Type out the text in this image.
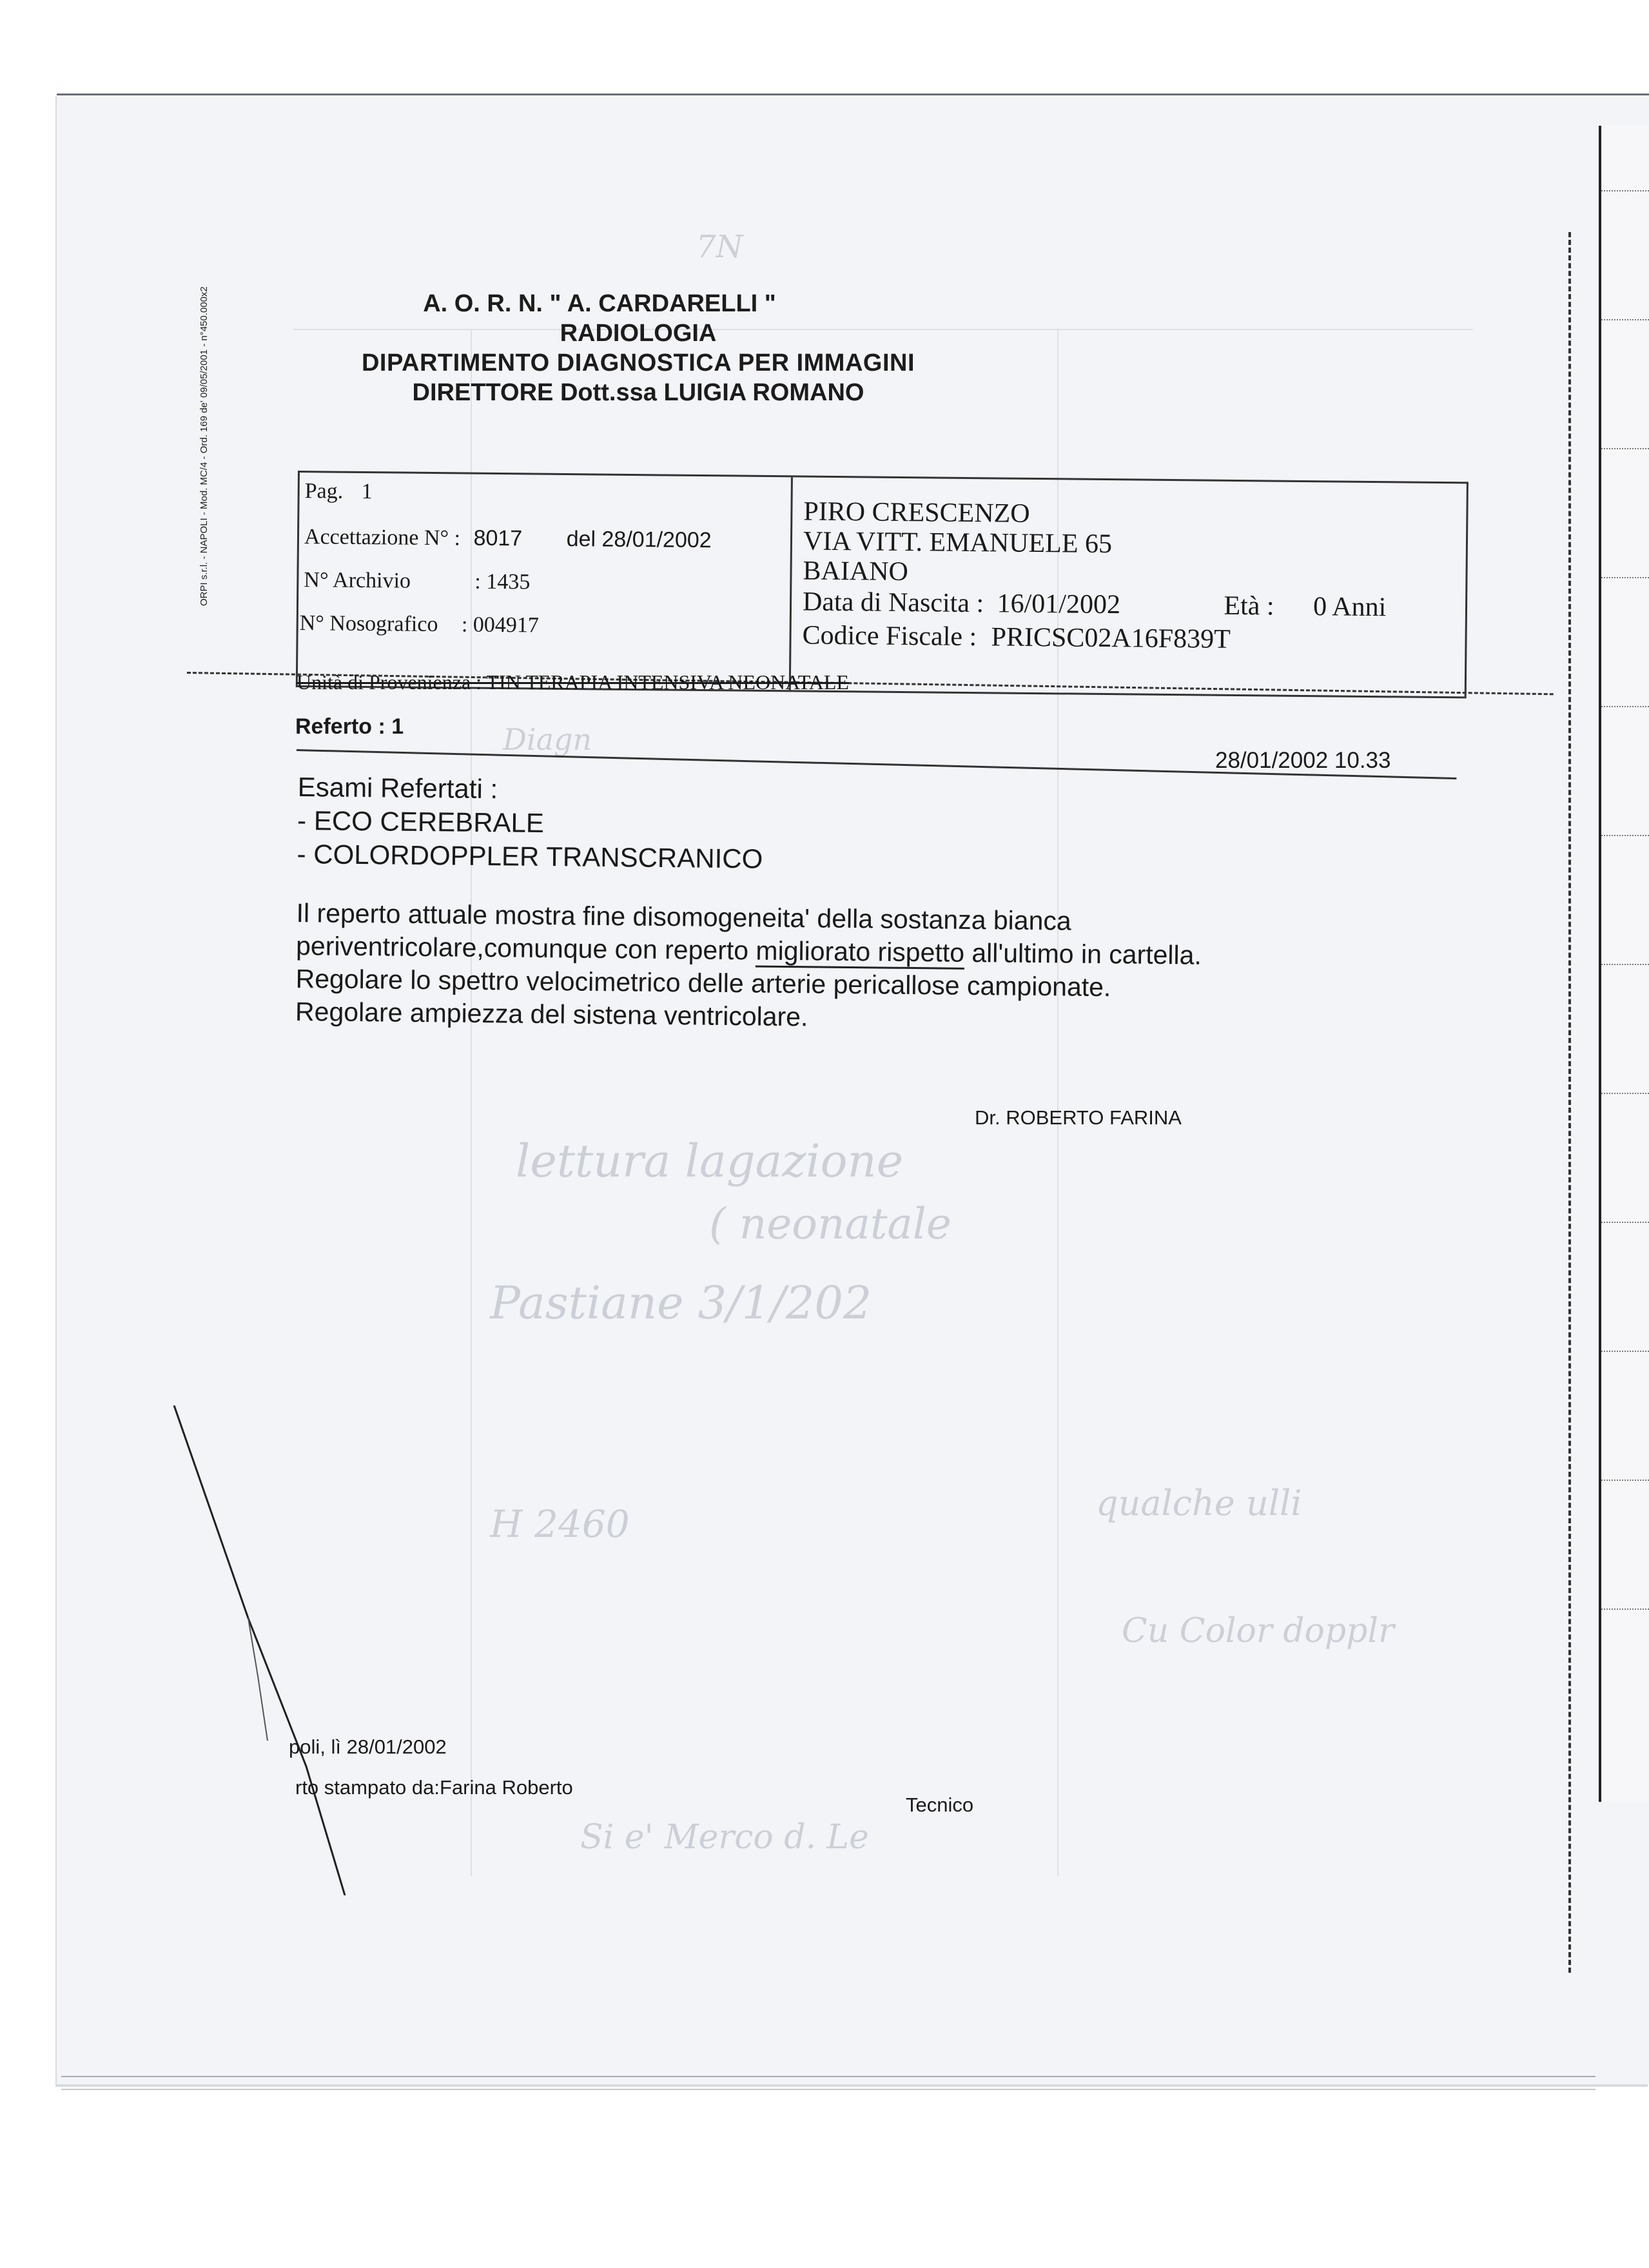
7N
Diagn
lettura lagazione
( neonatale
Pastiane 3/1/202
qualche ulli
H 2460
Cu Color dopplr
Si e' Merco d. Le
ORPI s.r.l. - NAPOLI - Mod. MC/4 - Ord. 169 de' 09/05/2001 - n°450.000x2	A. O. R. N. " A. CARDARELLI "
RADIOLOGIA
DIPARTIMENTO DIAGNOSTICA PER IMMAGINI
DIRETTORE Dott.ssa LUIGIA ROMANO
Pag. 1
Accettazione N° : 8017 del 28/01/2002
N° Archivio	: 1435
N° Nosografico : 004917
PIRO CRESCENZO
VIA VITT. EMANUELE 65
BAIANO
Data di Nascita : 16/01/2002	Età : 0 Anni
Codice Fiscale : PRICSC02A16F839T
Unità di Provenienza : TIN TERAPIA INTENSIVA NEONATALE
Referto : 1
28/01/2002 10.33
Esami Refertati :
- ECO CEREBRALE
- COLORDOPPLER TRANSCRANICO
Il reperto attuale mostra fine disomogeneita' della sostanza bianca
periventricolare,comunque con reperto migliorato rispetto all'ultimo in cartella.
Regolare lo spettro velocimetrico delle arterie pericallose campionate.
Regolare ampiezza del sistena ventricolare.
Dr. ROBERTO FARINA
poli, lì 28/01/2002
rto stampato da:Farina Roberto
Tecnico
